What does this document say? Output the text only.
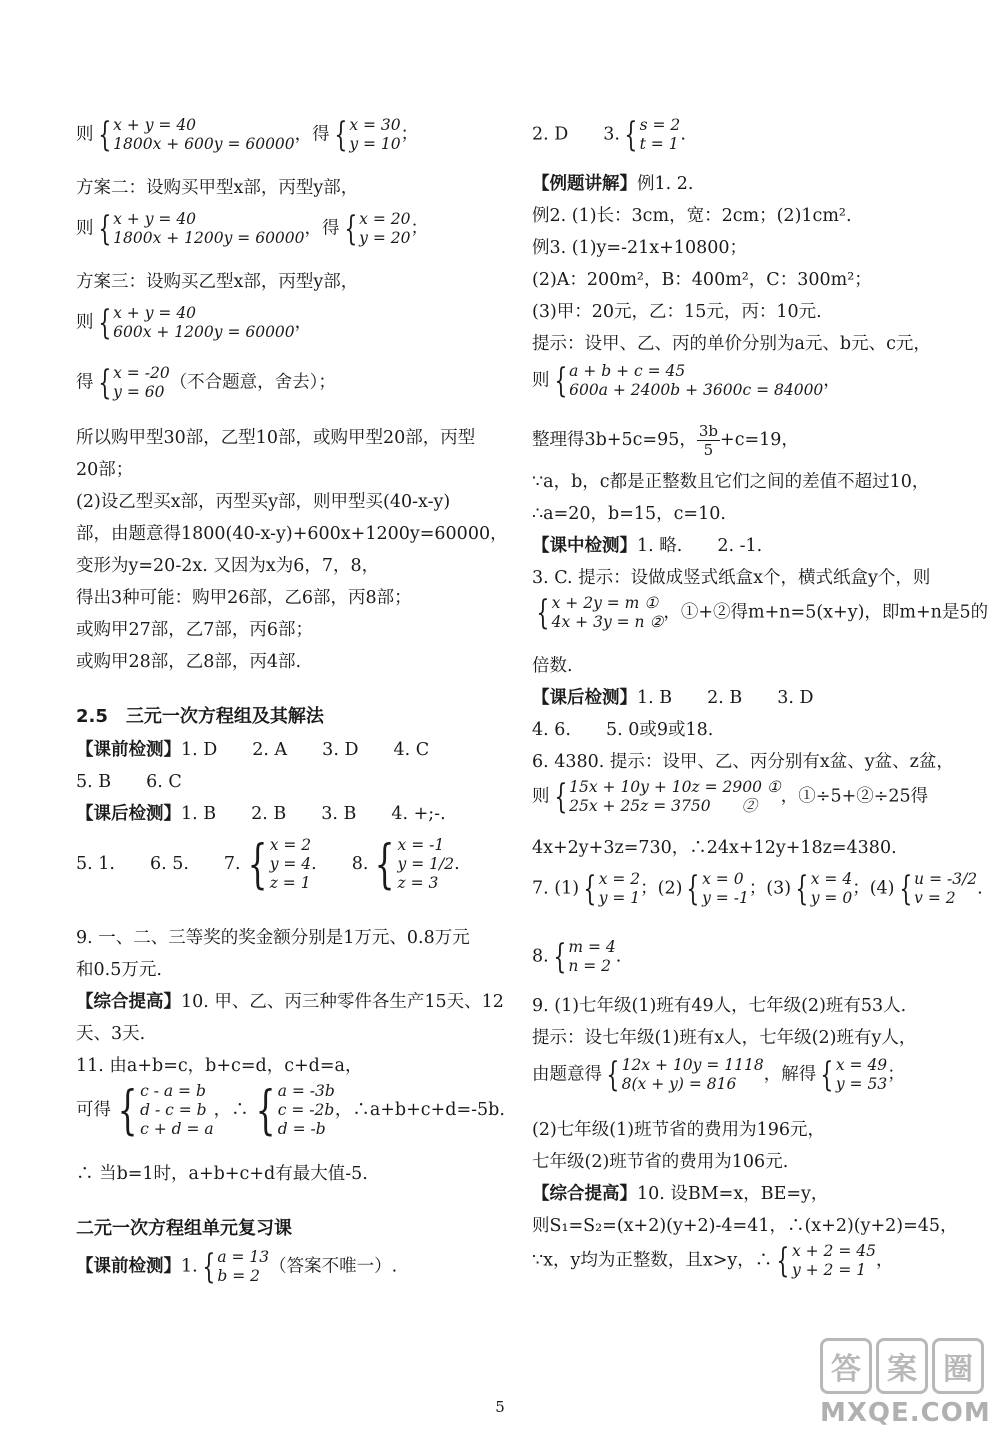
则 { x + y = 40
1800x + 600y = 60000 ，得 { x = 30
y = 10 ；
方案二：设购买甲型x部，丙型y部，
则 { x + y = 40
1800x + 1200y = 60000 ，得 { x = 20
y = 20 ；
方案三：设购买乙型x部，丙型y部，
则 { x + y = 40
600x + 1200y = 60000 ，
得 { x = -20
y = 60 （不合题意，舍去）；
所以购甲型30部，乙型10部，或购甲型20部，丙型
20部；
(2)设乙型买x部，丙型买y部，则甲型买(40-x-y)
部，由题意得1800(40-x-y)+600x+1200y=60000，
变形为y=20-2x. 又因为x为6，7，8，
得出3种可能：购甲26部，乙6部，丙8部；
或购甲27部，乙7部，丙6部；
或购甲28部，乙8部，丙4部.
2.5　三元一次方程组及其解法
【课前检测】1. D　　2. A　　3. D　　4. C
5. B　　6. C
【课后检测】1. B　　2. B　　3. B　　4. +;-.
5. 1.　　6. 5.　　7. { x = 2
y = 4
z = 1
.　　8. { x = -1
y = 1/2
z = 3
.
9. 一、二、三等奖的奖金额分别是1万元、0.8万元
和0.5万元.
【综合提高】10. 甲、乙、丙三种零件各生产15天、12
天、3天.
11. 由a+b=c，b+c=d，c+d=a，
可得 { c - a = b
d - c = b
c + d = a
，∴ { a = -3b
c = -2b
d = -b
，∴a+b+c+d=-5b.
∴ 当b=1时，a+b+c+d有最大值-5.
二元一次方程组单元复习课
【课前检测】1. { a = 13
b = 2 （答案不唯一）.
2. D　　3. { s = 2
t = 1 .
【例题讲解】例1. 2.
例2. (1)长：3cm，宽：2cm；(2)1cm².
例3. (1)y=-21x+10800；
(2)A：200m²，B：400m²，C：300m²；
(3)甲：20元，乙：15元，丙：10元.
提示：设甲、乙、丙的单价分别为a元、b元、c元，
则 { a + b + c = 45
600a + 2400b + 3600c = 84000 ，
整理得3b+5c=95， $\frac{3b}{5} +c=19$，
∵a，b，c都是正整数且它们之间的差值不超过10，
∴a=20，b=15，c=10.
【课中检测】1. 略.　　2. -1.
3. C. 提示：设做成竖式纸盒x个，横式纸盒y个，则
{ x + 2y = m ①
4x + 3y = n ② ，①+②得m+n=5(x+y)，即m+n是5的
倍数.
【课后检测】1. B　　2. B　　3. D
4. 6.　　5. 0或9或18.
6. 4380. 提示：设甲、乙、丙分别有x盆、y盆、z盆，
则 { 15x + 10y + 10z = 2900 ①
25x + 25z = 3750　　②	，①÷5+②÷25得
4x+2y+3z=730，∴24x+12y+18z=4380.
7. (1) { x = 2
y = 1 ；(2) { x = 0
y = -1 ；(3) { x = 4
y = 0 ；(4) { u = -3/2
v = 2	.
8. { m = 4
n = 2 .
9. (1)七年级(1)班有49人，七年级(2)班有53人.
提示：设七年级(1)班有x人，七年级(2)班有y人，
由题意得 { 12x + 10y = 1118
8(x + y) = 816	，解得 { x = 49
y = 53 ；
(2)七年级(1)班节省的费用为196元，
七年级(2)班节省的费用为106元.
【综合提高】10. 设BM=x，BE=y，
则S₁=S₂=(x+2)(y+2)-4=41，∴(x+2)(y+2)=45，
∵x，y均为正整数，且x>y，∴ { x + 2 = 45
y + 2 = 1 ，
5
答 案 圈
MXQE.COM
